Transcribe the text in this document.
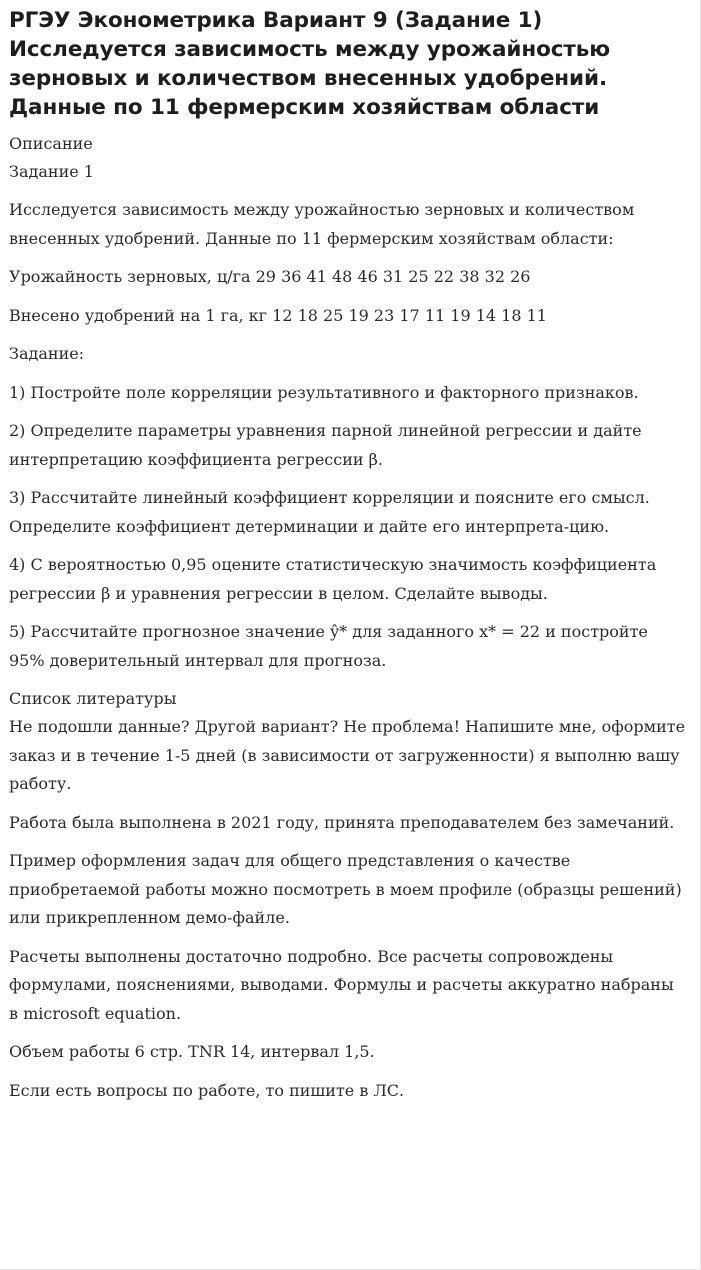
РГЭУ Эконометрика Вариант 9 (Задание 1) Исследуется зависимость между урожайностью зерновых и количеством внесенных удобрений. Данные по 11 фермерским хозяйствам области

Описание

Задание 1

Исследуется зависимость между урожайностью зерновых и количеством внесенных удобрений. Данные по 11 фермерским хозяйствам области:

Урожайность зерновых, ц/га 29 36 41 48 46 31 25 22 38 32 26

Внесено удобрений на 1 га, кг 12 18 25 19 23 17 11 19 14 18 11

Задание:

1) Постройте поле корреляции результативного и факторного признаков.

2) Определите параметры уравнения парной линейной регрессии и дайте интерпретацию коэффициента регрессии β.

3) Рассчитайте линейный коэффициент корреляции и поясните его смысл. Определите коэффициент детерминации и дайте его интерпрета-цию.

4) С вероятностью 0,95 оцените статистическую значимость коэффициента регрессии β и уравнения регрессии в целом. Сделайте выводы.

5) Рассчитайте прогнозное значение ŷ* для заданного x* = 22 и постройте 95% доверительный интервал для прогноза.

Список литературы

Не подошли данные? Другой вариант? Не проблема! Напишите мне, оформите заказ и в течение 1-5 дней (в зависимости от загруженности) я выполню вашу работу.

Работа была выполнена в 2021 году, принята преподавателем без замечаний.

Пример оформления задач для общего представления о качестве приобретаемой работы можно посмотреть в моем профиле (образцы решений) или прикрепленном демо-файле.

Расчеты выполнены достаточно подробно. Все расчеты сопровождены формулами, пояснениями, выводами. Формулы и расчеты аккуратно набраны в microsoft equation.

Объем работы 6 стр. TNR 14, интервал 1,5.

Если есть вопросы по работе, то пишите в ЛС.
